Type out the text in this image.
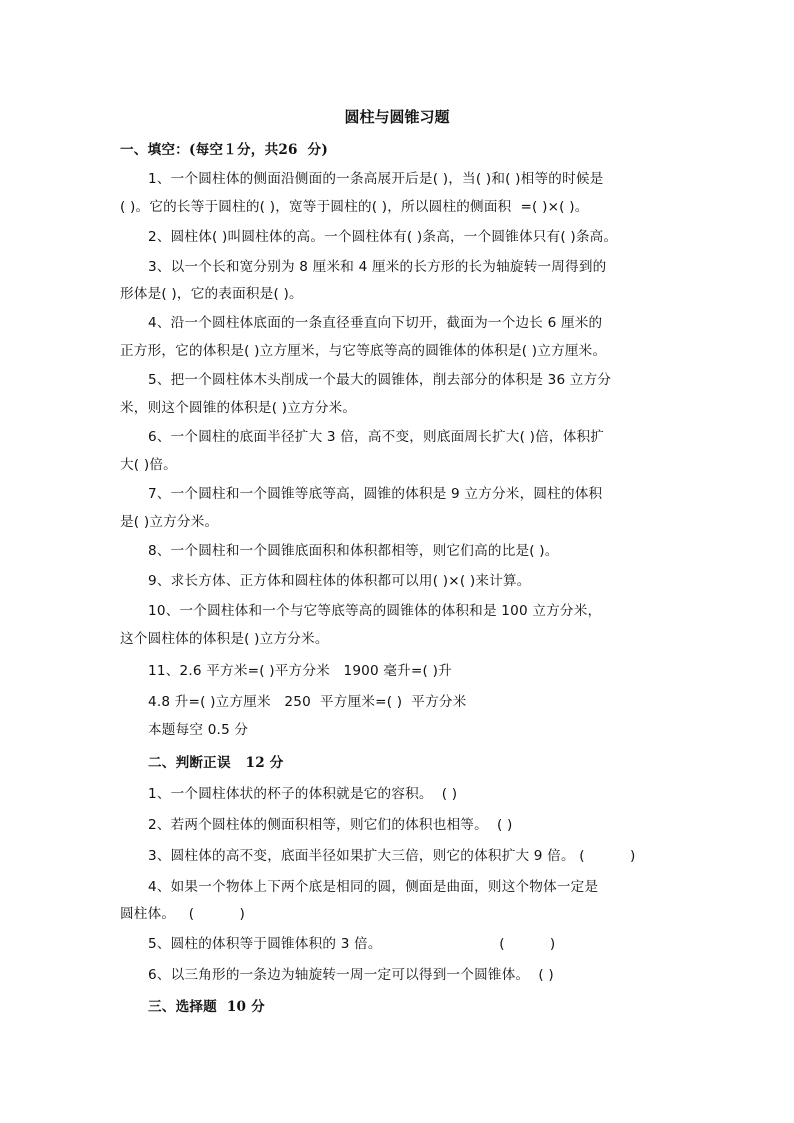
圆柱与圆锥习题
一、填空：(每空１分，共26  分)
1、一个圆柱体的侧面沿侧面的一条高展开后是( )，当( )和( )相等的时候是
( )。它的长等于圆柱的( )，宽等于圆柱的( )，所以圆柱的侧面积  =( )×( )。
2、圆柱体( )叫圆柱体的高。一个圆柱体有( )条高，一个圆锥体只有( )条高。
3、以一个长和宽分别为 8 厘米和 4 厘米的长方形的长为轴旋转一周得到的
形体是( )，它的表面积是( )。
4、沿一个圆柱体底面的一条直径垂直向下切开，截面为一个边长 6 厘米的
正方形，它的体积是( )立方厘米，与它等底等高的圆锥体的体积是( )立方厘米。
5、把一个圆柱体木头削成一个最大的圆锥体，削去部分的体积是 36 立方分
米，则这个圆锥的体积是( )立方分米。
6、一个圆柱的底面半径扩大 3 倍，高不变，则底面周长扩大( )倍，体积扩
大( )倍。
7、一个圆柱和一个圆锥等底等高，圆锥的体积是 9 立方分米，圆柱的体积
是( )立方分米。
8、一个圆柱和一个圆锥底面积和体积都相等，则它们高的比是( )。
9、求长方体、正方体和圆柱体的体积都可以用( )×( )来计算。
10、一个圆柱体和一个与它等底等高的圆锥体的体积和是 100 立方分米，
这个圆柱体的体积是( )立方分米。
11、2.6 平方米=( )平方分米   1900 毫升=( )升
4.8 升=( )立方厘米   250  平方厘米=( )  平方分米
本题每空 0.5 分
二、判断正误   12 分
1、一个圆柱体状的杯子的体积就是它的容积。  ( )
2、若两个圆柱体的侧面积相等，则它们的体积也相等。  ( )
3、圆柱体的高不变，底面半径如果扩大三倍，则它的体积扩大 9 倍。 (          )
4、如果一个物体上下两个底是相同的圆，侧面是曲面，则这个物体一定是
圆柱体。   (          )
5、圆柱的体积等于圆锥体积的 3 倍。                          (          )
6、以三角形的一条边为轴旋转一周一定可以得到一个圆锥体。  ( )
三、选择题  10 分
